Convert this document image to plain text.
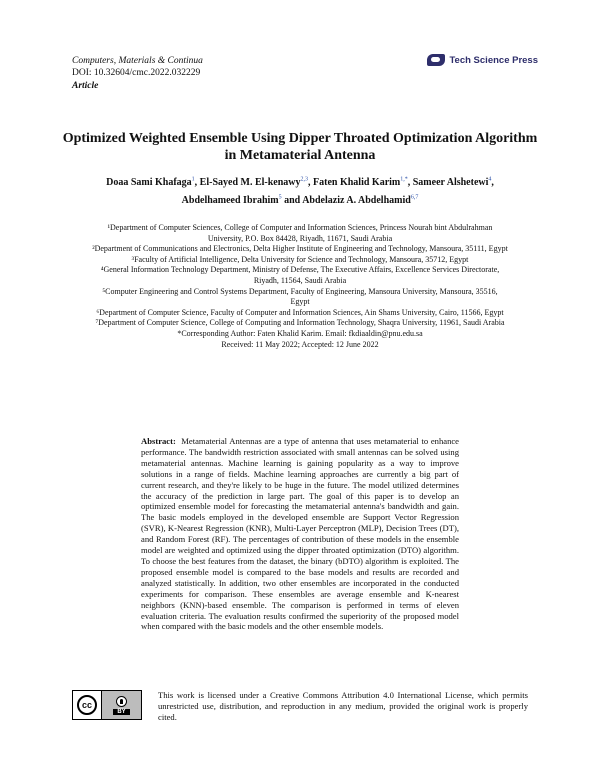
Computers, Materials & Continua
DOI: 10.32604/cmc.2022.032229
Article
Tech Science Press
Optimized Weighted Ensemble Using Dipper Throated Optimization Algorithm in Metamaterial Antenna
Doaa Sami Khafaga$^1$, El-Sayed M. El-kenawy$^{2,3}$, Faten Khalid Karim$^{1,*}$, Sameer Alshetewi$^4$,
Abdelhameed Ibrahim$^5$ and Abdelaziz A. Abdelhamid$^{6,7}$

¹Department of Computer Sciences, College of Computer and Information Sciences, Princess Nourah bint Abdulrahman University, P.O. Box 84428, Riyadh, 11671, Saudi Arabia

²Department of Communications and Electronics, Delta Higher Institute of Engineering and Technology, Mansoura, 35111, Egypt

³Faculty of Artificial Intelligence, Delta University for Science and Technology, Mansoura, 35712, Egypt

⁴General Information Technology Department, Ministry of Defense, The Executive Affairs, Excellence Services Directorate, Riyadh, 11564, Saudi Arabia

⁵Computer Engineering and Control Systems Department, Faculty of Engineering, Mansoura University, Mansoura, 35516, Egypt

⁶Department of Computer Science, Faculty of Computer and Information Sciences, Ain Shams University, Cairo, 11566, Egypt

⁷Department of Computer Science, College of Computing and Information Technology, Shaqra University, 11961, Saudi Arabia

*Corresponding Author: Faten Khalid Karim. Email: fkdiaaldin@pnu.edu.sa

Received: 11 May 2022; Accepted: 12 June 2022

Abstract: Metamaterial Antennas are a type of antenna that uses metamaterial to enhance performance. The bandwidth restriction associated with small antennas can be solved using metamaterial antennas. Machine learning is gaining popularity as a way to improve solutions in a range of fields. Machine learning approaches are currently a big part of current research, and they're likely to be huge in the future. The model utilized determines the accuracy of the prediction in large part. The goal of this paper is to develop an optimized ensemble model for forecasting the metamaterial antenna's bandwidth and gain. The basic models employed in the developed ensemble are Support Vector Regression (SVR), K-Nearest Regression (KNR), Multi-Layer Perceptron (MLP), Decision Trees (DT), and Random Forest (RF). The percentages of contribution of these models in the ensemble model are weighted and optimized using the dipper throated optimization (DTO) algorithm. To choose the best features from the dataset, the binary (bDTO) algorithm is exploited. The proposed ensemble model is compared to the base models and results are recorded and analyzed statistically. In addition, two other ensembles are incorporated in the conducted experiments for comparison. These ensembles are average ensemble and K-nearest neighbors (KNN)-based ensemble. The comparison is performed in terms of eleven evaluation criteria. The evaluation results confirmed the superiority of the proposed model when compared with the basic models and the other ensemble models.
cc
BY
This work is licensed under a Creative Commons Attribution 4.0 International License, which permits unrestricted use, distribution, and reproduction in any medium, provided the original work is properly cited.
